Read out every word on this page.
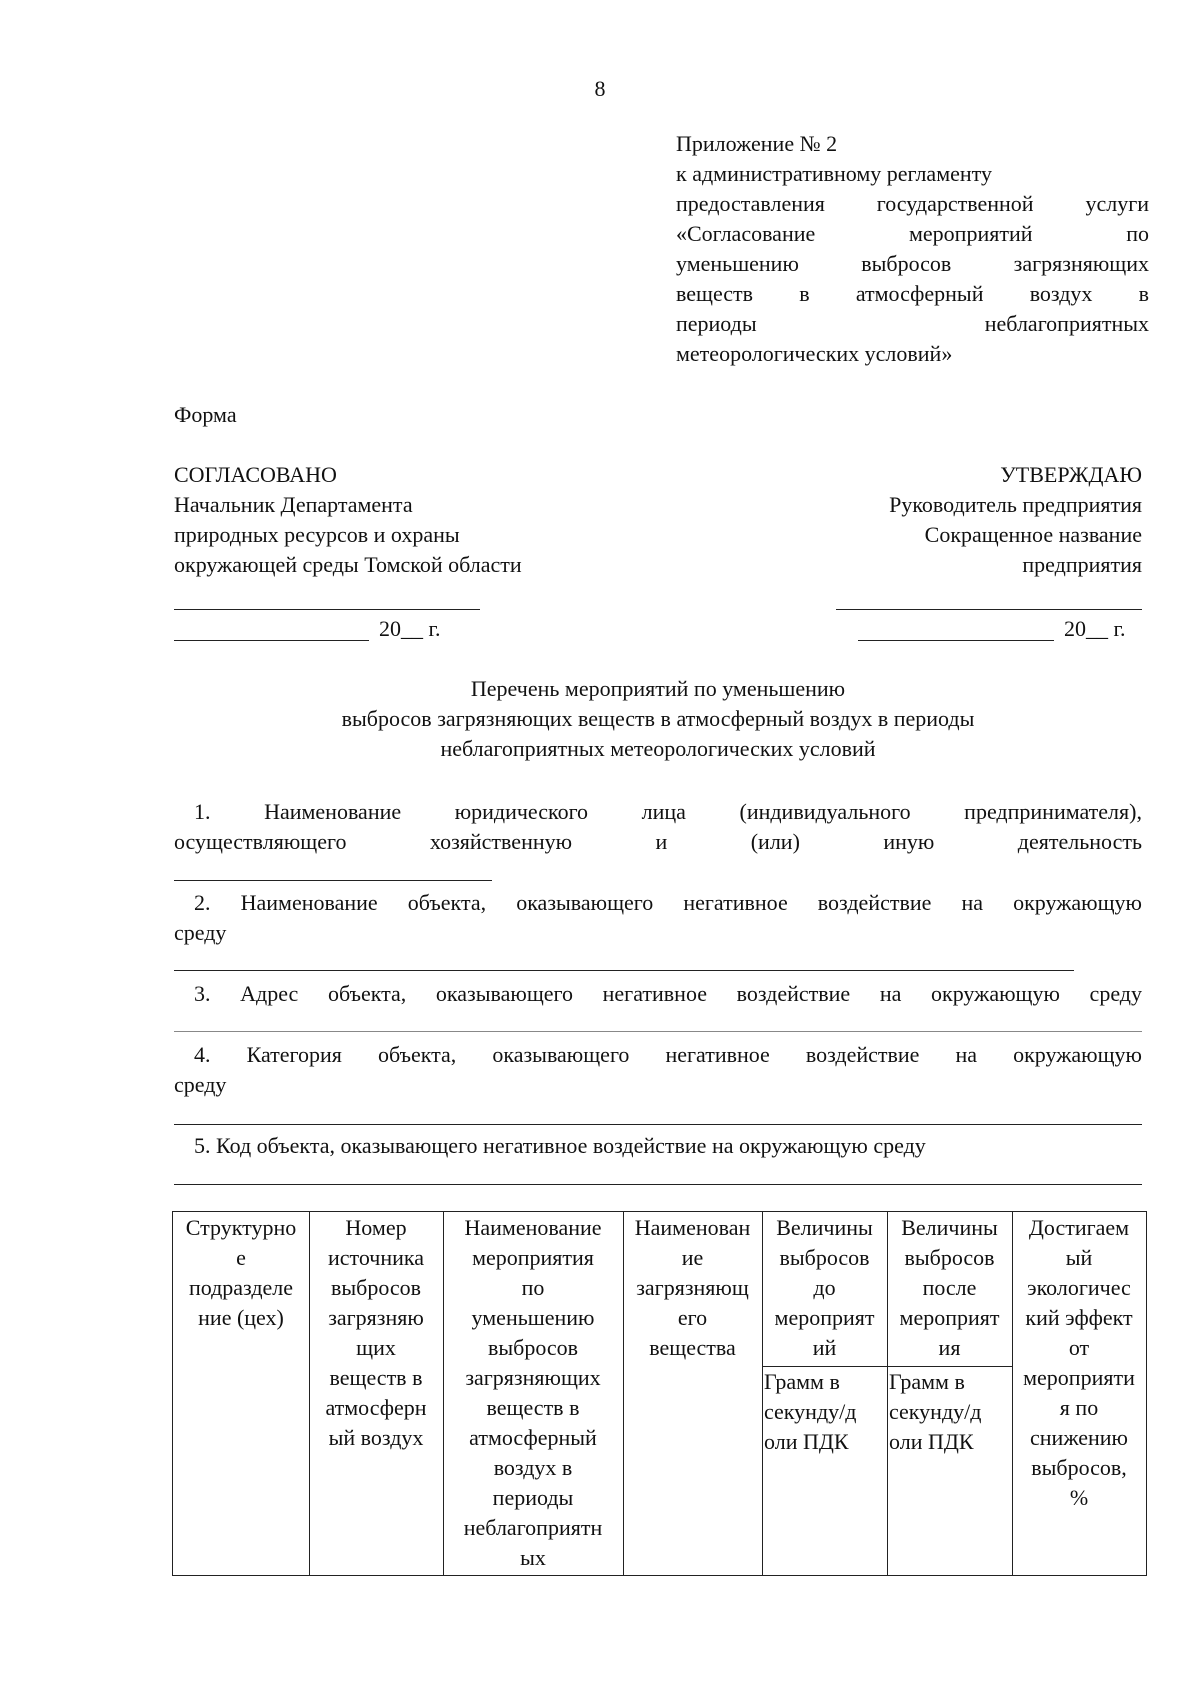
8
Приложение № 2
к административному регламенту
предоставления государственной услуги
«Согласование мероприятий по
уменьшению выбросов загрязняющих
веществ в атмосферный воздух в
периоды неблагоприятных
метеорологических условий»
Форма
СОГЛАСОВАНО
Начальник Департамента
природных ресурсов и охраны
окружающей среды Томской области
20__ г.
УТВЕРЖДАЮ
Руководитель предприятия
Сокращенное название
предприятия
20__ г.
Перечень мероприятий по уменьшению
выбросов загрязняющих веществ в атмосферный воздух в периоды
неблагоприятных метеорологических условий
1. Наименование юридического лица (индивидуального предпринимателя),
осуществляющего хозяйственную и (или) иную деятельность
2. Наименование объекта, оказывающего негативное воздействие на окружающую
среду
3. Адрес объекта, оказывающего негативное воздействие на окружающую среду
4. Категория объекта, оказывающего негативное воздействие на окружающую
среду
5. Код объекта, оказывающего негативное воздействие на окружающую среду
Структурно
е
подразделе
ние (цех)
Номер
источника
выбросов
загрязняю
щих
веществ в
атмосферн
ый воздух
Наименование
мероприятия
по
уменьшению
выбросов
загрязняющих
веществ в
атмосферный
воздух в
периоды
неблагоприятн
ых
Наименован
ие
загрязняющ
его
вещества
Величины
выбросов
до
мероприят
ий
Грамм в
секунду/д
оли ПДК
Величины
выбросов
после
мероприят
ия
Грамм в
секунду/д
оли ПДК
Достигаем
ый
экологичес
кий эффект
от
мероприяти
я по
снижению
выбросов,
%
